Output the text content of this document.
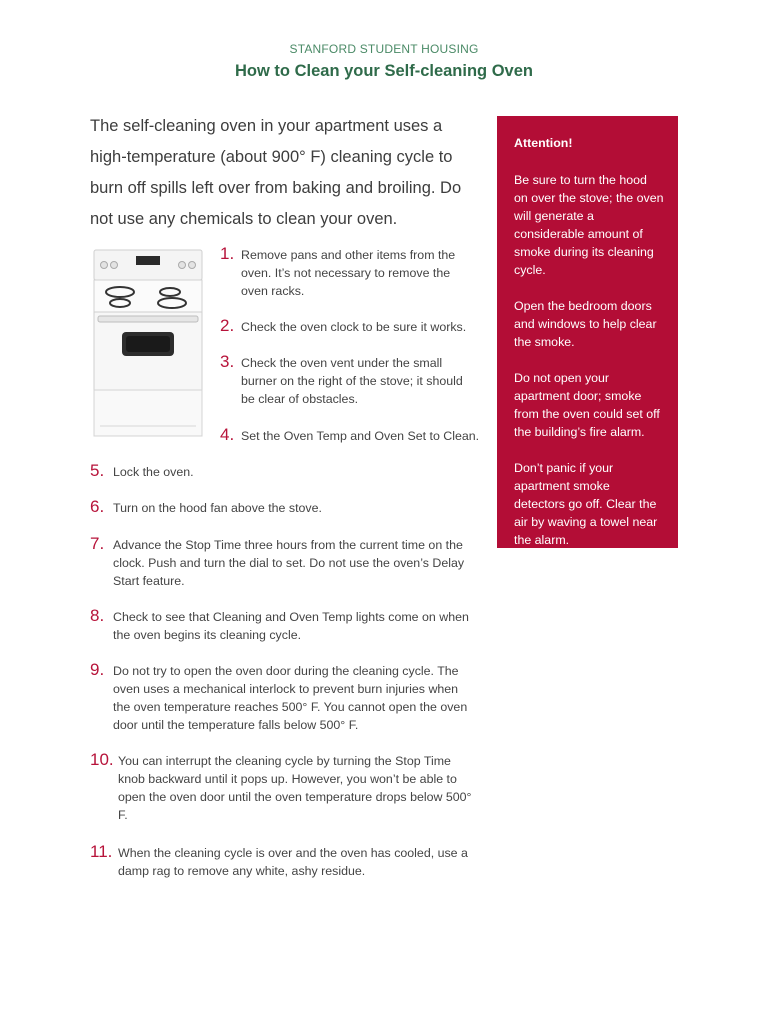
STANFORD STUDENT HOUSING
How to Clean your Self-cleaning Oven

The self-cleaning oven in your apartment uses a high-temperature (about 900° F) cleaning cycle to burn off spills left over from baking and broiling. Do not use any chemicals to clean your oven.

1. Remove pans and other items from the oven. It’s not necessary to remove the oven racks.
2. Check the oven clock to be sure it works.
3. Check the oven vent under the small burner on the right of the stove; it should be clear of obstacles.
4. Set the Oven Temp and Oven Set to Clean.
5. Lock the oven.
6. Turn on the hood fan above the stove.
7. Advance the Stop Time three hours from the current time on the clock. Push and turn the dial to set. Do not use the oven’s Delay Start feature.
8. Check to see that Cleaning and Oven Temp lights come on when the oven begins its cleaning cycle.
9. Do not try to open the oven door during the cleaning cycle. The oven uses a mechanical interlock to prevent burn injuries when the oven temperature reaches 500° F. You cannot open the oven door until the temperature falls below 500° F.
10. You can interrupt the cleaning cycle by turning the Stop Time knob backward until it pops up. However, you won’t be able to open the oven door until the oven temperature drops below 500° F.
11. When the cleaning cycle is over and the oven has cooled, use a damp rag to remove any white, ashy residue.
Attention!

Be sure to turn the hood on over the stove; the oven will generate a considerable amount of smoke during its cleaning cycle.

Open the bedroom doors and windows to help clear the smoke.

Do not open your apartment door; smoke from the oven could set off the building’s fire alarm.

Don’t panic if your apartment smoke detectors go off. Clear the air by waving a towel near the alarm.
